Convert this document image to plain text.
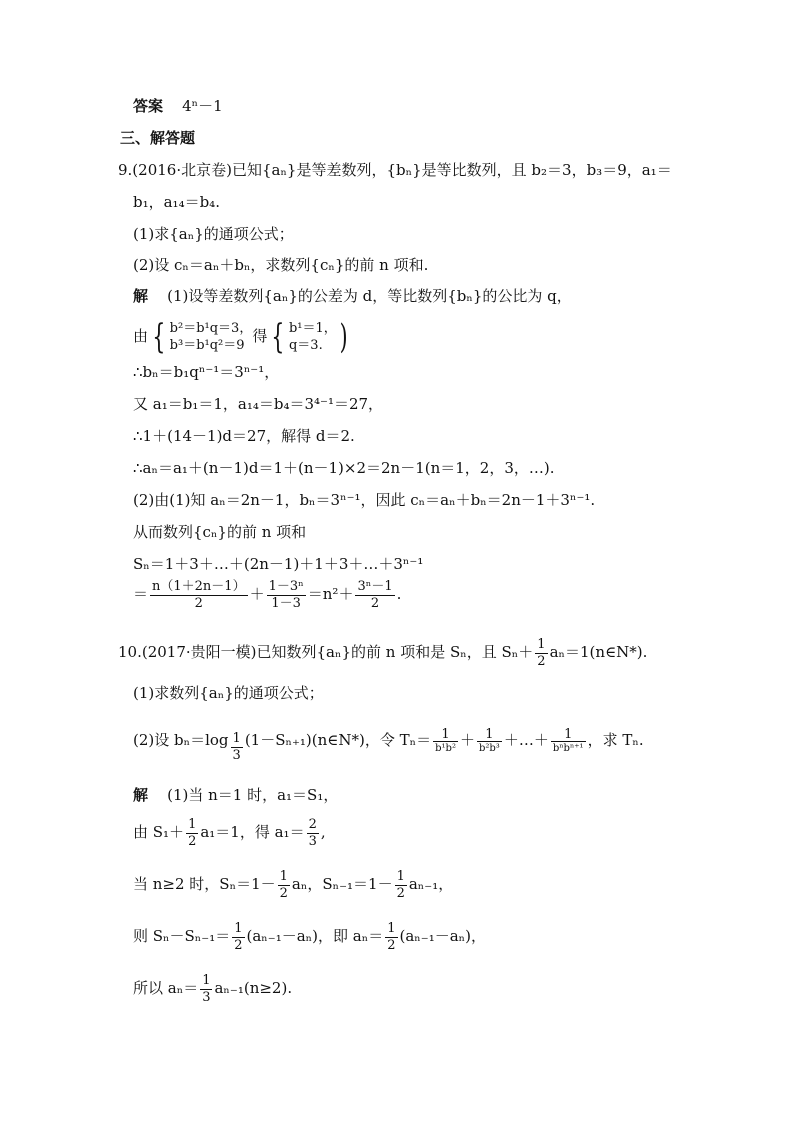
答案 4ⁿ－1
三、解答题
9.(2016·北京卷)已知{aₙ}是等差数列，{bₙ}是等比数列，且 b₂＝3，b₃＝9，a₁＝
b₁，a₁₄＝b₄.
(1)求{aₙ}的通项公式；
(2)设 cₙ＝aₙ＋bₙ，求数列{cₙ}的前 n 项和.
解 (1)设等差数列{aₙ}的公差为 d，等比数列{bₙ}的公比为 q，
由 { b²＝b¹q＝3，
b³＝b¹q²＝9
得 { b¹＝1，
q＝3. )
∴bₙ＝b₁qⁿ⁻¹＝3ⁿ⁻¹，
又 a₁＝b₁＝1，a₁₄＝b₄＝3⁴⁻¹＝27，
∴1＋(14－1)d＝27，解得 d＝2.
∴aₙ＝a₁＋(n－1)d＝1＋(n－1)×2＝2n－1(n＝1，2，3，…).
(2)由(1)知 aₙ＝2n－1，bₙ＝3ⁿ⁻¹，因此 cₙ＝aₙ＋bₙ＝2n－1＋3ⁿ⁻¹.
从而数列{cₙ}的前 n 项和
Sₙ＝1＋3＋…＋(2n－1)＋1＋3＋…＋3ⁿ⁻¹
＝ $\frac{n(1+2n-1)}{2} + \frac{\text{1－3ⁿ}}{1-3} =n^2+ \frac{\text{3ⁿ－1}}{2}$ .
10.(2017·贵阳一模)已知数列{aₙ}的前 n 项和是 Sₙ，且 $S_n+ \frac{1}{2}$ aₙ＝1(n∈N*).
(1)求数列{aₙ}的通项公式；
(2)设 $b_n=\log \frac{1}{3}$ (1－Sₙ₊₁)(n∈N*)，令 $T_n= \frac{1}{\text{b¹b²}} + \frac{1}{\text{b²b³}}$ ＋…＋ $\frac{1}{\text{bⁿbⁿ⁺¹}}$ ，求 Tₙ.
解 (1)当 n＝1 时，a₁＝S₁，
由 $S_1+ \frac{1}{2} a_1=1$，得 $a_1= \frac{2}{3}$ ,
当 n≥2 时，$S_n=1- \frac{1}{2}$ aₙ，$S_{n-1}=1- \frac{1}{2} a_{n-1}$，
则 $S_n-S_{n-1}= \frac{1}{2} (a_{n-1}-a_n)$，即 $a_n= \frac{1}{2} (a_{n-1}-a_n)$，
所以 $a_n= \frac{1}{3} a_{n-1}(n\ge 2)$.
